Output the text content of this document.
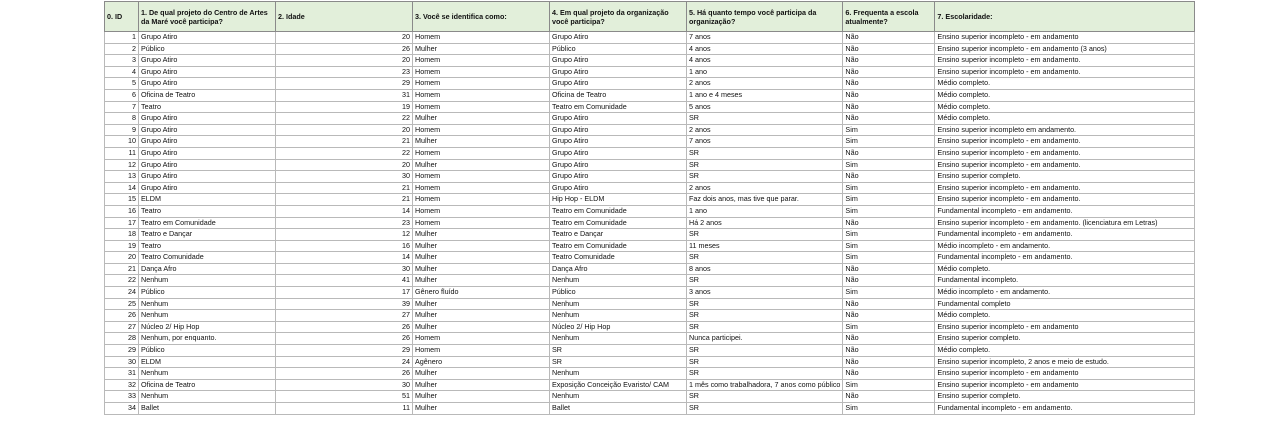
0. ID	1. De qual projeto do Centro de Artes da Maré você participa?	2. Idade	3. Você se identifica como:	4. Em qual projeto da organização você participa?	5. Há quanto tempo você participa da organização?	6. Frequenta a escola atualmente?	7. Escolaridade:
1	Grupo Atiro	20	Homem	Grupo Atiro	7 anos	Não	Ensino superior incompleto - em andamento
2	Público	26	Mulher	Público	4 anos	Não	Ensino superior incompleto - em andamento (3 anos)
3	Grupo Atiro	20	Homem	Grupo Atiro	4 anos	Não	Ensino superior incompleto - em andamento.
4	Grupo Atiro	23	Homem	Grupo Atiro	1 ano	Não	Ensino superior incompleto - em andamento.
5	Grupo Atiro	29	Homem	Grupo Atiro	2 anos	Não	Médio completo.
6	Oficina de Teatro	31	Homem	Oficina de Teatro	1 ano e 4 meses	Não	Médio completo.
7	Teatro	19	Homem	Teatro em Comunidade	5 anos	Não	Médio completo.
8	Grupo Atiro	22	Mulher	Grupo Atiro	SR	Não	Médio completo.
9	Grupo Atiro	20	Homem	Grupo Atiro	2 anos	Sim	Ensino superior incompleto em andamento.
10	Grupo Atiro	21	Mulher	Grupo Atiro	7 anos	Sim	Ensino superior incompleto - em andamento.
11	Grupo Atiro	22	Homem	Grupo Atiro	SR	Não	Ensino superior incompleto - em andamento.
12	Grupo Atiro	20	Mulher	Grupo Atiro	SR	Sim	Ensino superior incompleto - em andamento.
13	Grupo Atiro	30	Homem	Grupo Atiro	SR	Não	Ensino superior completo.
14	Grupo Atiro	21	Homem	Grupo Atiro	2 anos	Sim	Ensino superior incompleto - em andamento.
15	ELDM	21	Homem	Hip Hop - ELDM	Faz dois anos, mas tive que parar.	Sim	Ensino superior incompleto - em andamento.
16	Teatro	14	Homem	Teatro em Comunidade	1 ano	Sim	Fundamental incompleto - em andamento.
17	Teatro em Comunidade	23	Homem	Teatro em Comunidade	Há 2 anos	Não	Ensino superior incompleto - em andamento. (licenciatura em Letras)
18	Teatro e Dançar	12	Mulher	Teatro e Dançar	SR	Sim	Fundamental incompleto - em andamento.
19	Teatro	16	Mulher	Teatro em Comunidade	11 meses	Sim	Médio incompleto - em andamento.
20	Teatro Comunidade	14	Mulher	Teatro Comunidade	SR	Sim	Fundamental incompleto - em andamento.
21	Dança Afro	30	Mulher	Dança Afro	8 anos	Não	Médio completo.
22	Nenhum	41	Mulher	Nenhum	SR	Não	Fundamental incompleto.
24	Público	17	Gênero fluído	Público	3 anos	Sim	Médio incompleto - em andamento.
25	Nenhum	39	Mulher	Nenhum	SR	Não	Fundamental completo
26	Nenhum	27	Mulher	Nenhum	SR	Não	Médio completo.
27	Núcleo 2/ Hip Hop	26	Mulher	Núcleo 2/ Hip Hop	SR	Sim	Ensino superior incompleto - em andamento
28	Nenhum, por enquanto.	26	Homem	Nenhum	Nunca participei.	Não	Ensino superior completo.
29	Público	29	Homem	SR	SR	Não	Médio completo.
30	ELDM	24	Agênero	SR	SR	Não	Ensino superior incompleto, 2 anos e meio de estudo.
31	Nenhum	26	Mulher	Nenhum	SR	Não	Ensino superior incompleto - em andamento
32	Oficina de Teatro	30	Mulher	Exposição Conceição Evaristo/ CAM	1 mês como trabalhadora, 7 anos como público	Sim	Ensino superior incompleto - em andamento
33	Nenhum	51	Mulher	Nenhum	SR	Não	Ensino superior completo.
34	Ballet	11	Mulher	Ballet	SR	Sim	Fundamental incompleto - em andamento.
